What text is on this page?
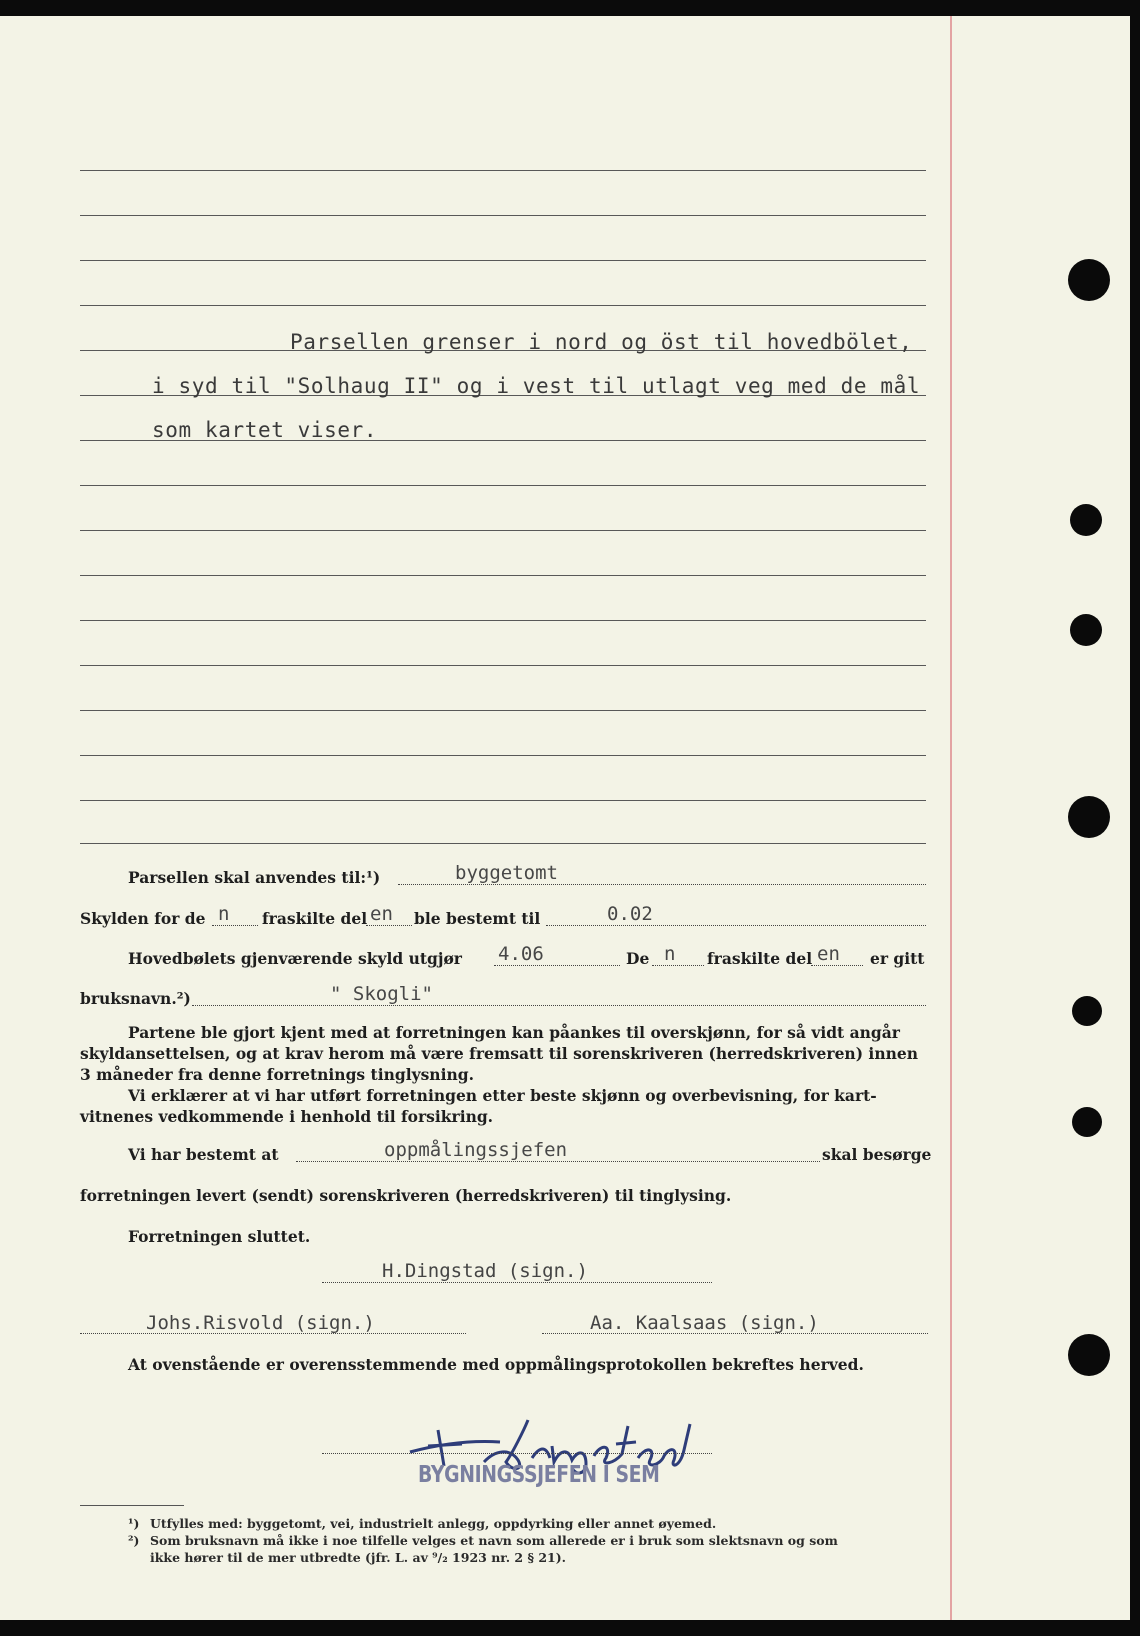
Parsellen grenser i nord og öst til hovedbölet,
i syd til "Solhaug II" og i vest til utlagt veg med de mål
som kartet viser.
Parsellen skal anvendes til:¹)	byggetomt
Skylden for de n fraskilte del en ble bestemt til	0.02
Hovedbølets gjenværende skyld utgjør 4.06	De n fraskilte del en er gitt
bruksnavn.²)	" Skogli"
Partene ble gjort kjent med at forretningen kan påankes til overskjønn, for så vidt angår
skyldansettelsen, og at krav herom må være fremsatt til sorenskriveren (herredskriveren) innen
3 måneder fra denne forretnings tinglysning.
Vi erklærer at vi har utført forretningen etter beste skjønn og overbevisning, for kart-
vitnenes vedkommende i henhold til forsikring.
Vi har bestemt at	oppmålingssjefen	skal besørge
forretningen levert (sendt) sorenskriveren (herredskriveren) til tinglysing.
Forretningen sluttet.
H.Dingstad (sign.)
Johs.Risvold (sign.)	Aa. Kaalsaas (sign.)
At ovenstående er overensstemmende med oppmålingsprotokollen bekreftes herved.
BYGNINGSSJEFEN I SEM
¹) Utfylles med: byggetomt, vei, industrielt anlegg, oppdyrking eller annet øyemed.
²) Som bruksnavn må ikke i noe tilfelle velges et navn som allerede er i bruk som slektsnavn og som
ikke hører til de mer utbredte (jfr. L. av ⁹/₂ 1923 nr. 2 § 21).
